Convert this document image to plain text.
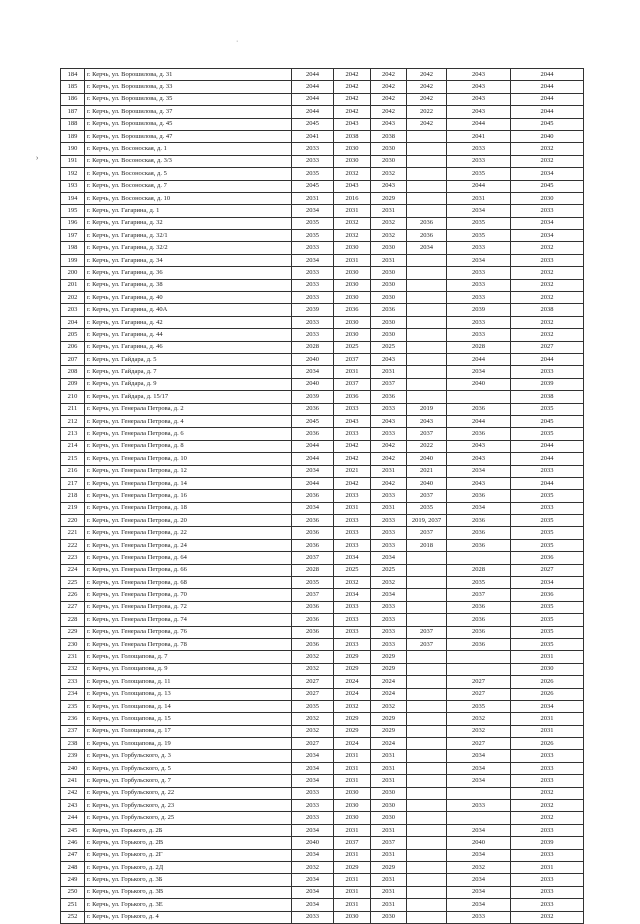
·
›
184	г. Керчь, ул. Ворошилова, д. 31	2044	2042	2042	2042	2043	2044
185	г. Керчь, ул. Ворошилова, д. 33	2044	2042	2042	2042	2043	2044
186	г. Керчь, ул. Ворошилова, д. 35	2044	2042	2042	2042	2043	2044
187	г. Керчь, ул. Ворошилова, д. 37	2044	2042	2042	2022	2043	2044
188	г. Керчь, ул. Ворошилова, д. 45	2045	2043	2043	2042	2044	2045
189	г. Керчь, ул. Ворошилова, д. 47	2041	2038	2038		2041	2040
190	г. Керчь, ул. Восоноская, д. 1	2033	2030	2030		2033	2032
191	г. Керчь, ул. Восоноская, д. 3/3	2033	2030	2030		2033	2032
192	г. Керчь, ул. Восоноская, д. 5	2035	2032	2032		2035	2034
193	г. Керчь, ул. Восоноская, д. 7	2045	2043	2043		2044	2045
194	г. Керчь, ул. Восоноская, д. 10	2031	2016	2029		2031	2030
195	г. Керчь, ул. Гагарина, д. 1	2034	2031	2031		2034	2033
196	г. Керчь, ул. Гагарина, д. 32	2035	2032	2032	2036	2035	2034
197	г. Керчь, ул. Гагарина, д. 32/1	2035	2032	2032	2036	2035	2034
198	г. Керчь, ул. Гагарина, д. 32/2	2033	2030	2030	2034	2033	2032
199	г. Керчь, ул. Гагарина, д. 34	2034	2031	2031		2034	2033
200	г. Керчь, ул. Гагарина, д. 36	2033	2030	2030		2033	2032
201	г. Керчь, ул. Гагарина, д. 38	2033	2030	2030		2033	2032
202	г. Керчь, ул. Гагарина, д. 40	2033	2030	2030		2033	2032
203	г. Керчь, ул. Гагарина, д. 40А	2039	2036	2036		2039	2038
204	г. Керчь, ул. Гагарина, д. 42	2033	2030	2030		2033	2032
205	г. Керчь, ул. Гагарина, д. 44	2033	2030	2030		2033	2032
206	г. Керчь, ул. Гагарина, д. 46	2028	2025	2025		2028	2027
207	г. Керчь, ул. Гайдара, д. 5	2040	2037	2043		2044	2044
208	г. Керчь, ул. Гайдара, д. 7	2034	2031	2031		2034	2033
209	г. Керчь, ул. Гайдара, д. 9	2040	2037	2037		2040	2039
210	г. Керчь, ул. Гайдара, д. 15/17	2039	2036	2036			2038
211	г. Керчь, ул. Генерала Петрова, д. 2	2036	2033	2033	2019	2036	2035
212	г. Керчь, ул. Генерала Петрова, д. 4	2045	2043	2043	2043	2044	2045
213	г. Керчь, ул. Генерала Петрова, д. 6	2036	2033	2033	2037	2036	2035
214	г. Керчь, ул. Генерала Петрова, д. 8	2044	2042	2042	2022	2043	2044
215	г. Керчь, ул. Генерала Петрова, д. 10	2044	2042	2042	2040	2043	2044
216	г. Керчь, ул. Генерала Петрова, д. 12	2034	2021	2031	2021	2034	2033
217	г. Керчь, ул. Генерала Петрова, д. 14	2044	2042	2042	2040	2043	2044
218	г. Керчь, ул. Генерала Петрова, д. 16	2036	2033	2033	2037	2036	2035
219	г. Керчь, ул. Генерала Петрова, д. 18	2034	2031	2031	2035	2034	2033
220	г. Керчь, ул. Генерала Петрова, д. 20	2036	2033	2033	2019, 2037	2036	2035
221	г. Керчь, ул. Генерала Петрова, д. 22	2036	2033	2033	2037	2036	2035
222	г. Керчь, ул. Генерала Петрова, д. 24	2036	2033	2033	2018	2036	2035
223	г. Керчь, ул. Генерала Петрова, д. 64	2037	2034	2034			2036
224	г. Керчь, ул. Генерала Петрова, д. 66	2028	2025	2025		2028	2027
225	г. Керчь, ул. Генерала Петрова, д. 68	2035	2032	2032		2035	2034
226	г. Керчь, ул. Генерала Петрова, д. 70	2037	2034	2034		2037	2036
227	г. Керчь, ул. Генерала Петрова, д. 72	2036	2033	2033		2036	2035
228	г. Керчь, ул. Генерала Петрова, д. 74	2036	2033	2033		2036	2035
229	г. Керчь, ул. Генерала Петрова, д. 76	2036	2033	2033	2037	2036	2035
230	г. Керчь, ул. Генерала Петрова, д. 78	2036	2033	2033	2037	2036	2035
231	г. Керчь, ул. Голощапова, д. 7	2032	2029	2029			2031
232	г. Керчь, ул. Голощапова, д. 9	2032	2029	2029			2030
233	г. Керчь, ул. Голощапова, д. 11	2027	2024	2024		2027	2026
234	г. Керчь, ул. Голощапова, д. 13	2027	2024	2024		2027	2026
235	г. Керчь, ул. Голощапова, д. 14	2035	2032	2032		2035	2034
236	г. Керчь, ул. Голощапова, д. 15	2032	2029	2029		2032	2031
237	г. Керчь, ул. Голощапова, д. 17	2032	2029	2029		2032	2031
238	г. Керчь, ул. Голощапова, д. 19	2027	2024	2024		2027	2026
239	г. Керчь, ул. Горбульского, д. 3	2034	2031	2031		2034	2033
240	г. Керчь, ул. Горбульского, д. 5	2034	2031	2031		2034	2033
241	г. Керчь, ул. Горбульского, д. 7	2034	2031	2031		2034	2033
242	г. Керчь, ул. Горбульского, д. 22	2033	2030	2030			2032
243	г. Керчь, ул. Горбульского, д. 23	2033	2030	2030		2033	2032
244	г. Керчь, ул. Горбульского, д. 25	2033	2030	2030			2032
245	г. Керчь, ул. Горького, д. 2Б	2034	2031	2031		2034	2033
246	г. Керчь, ул. Горького, д. 2В	2040	2037	2037		2040	2039
247	г. Керчь, ул. Горького, д. 2Г	2034	2031	2031		2034	2033
248	г. Керчь, ул. Горького, д. 2Д	2032	2029	2029		2032	2031
249	г. Керчь, ул. Горького, д. 3Б	2034	2031	2031		2034	2033
250	г. Керчь, ул. Горького, д. 3В	2034	2031	2031		2034	2033
251	г. Керчь, ул. Горького, д. 3Е	2034	2031	2031		2034	2033
252	г. Керчь, ул. Горького, д. 4	2033	2030	2030		2033	2032
